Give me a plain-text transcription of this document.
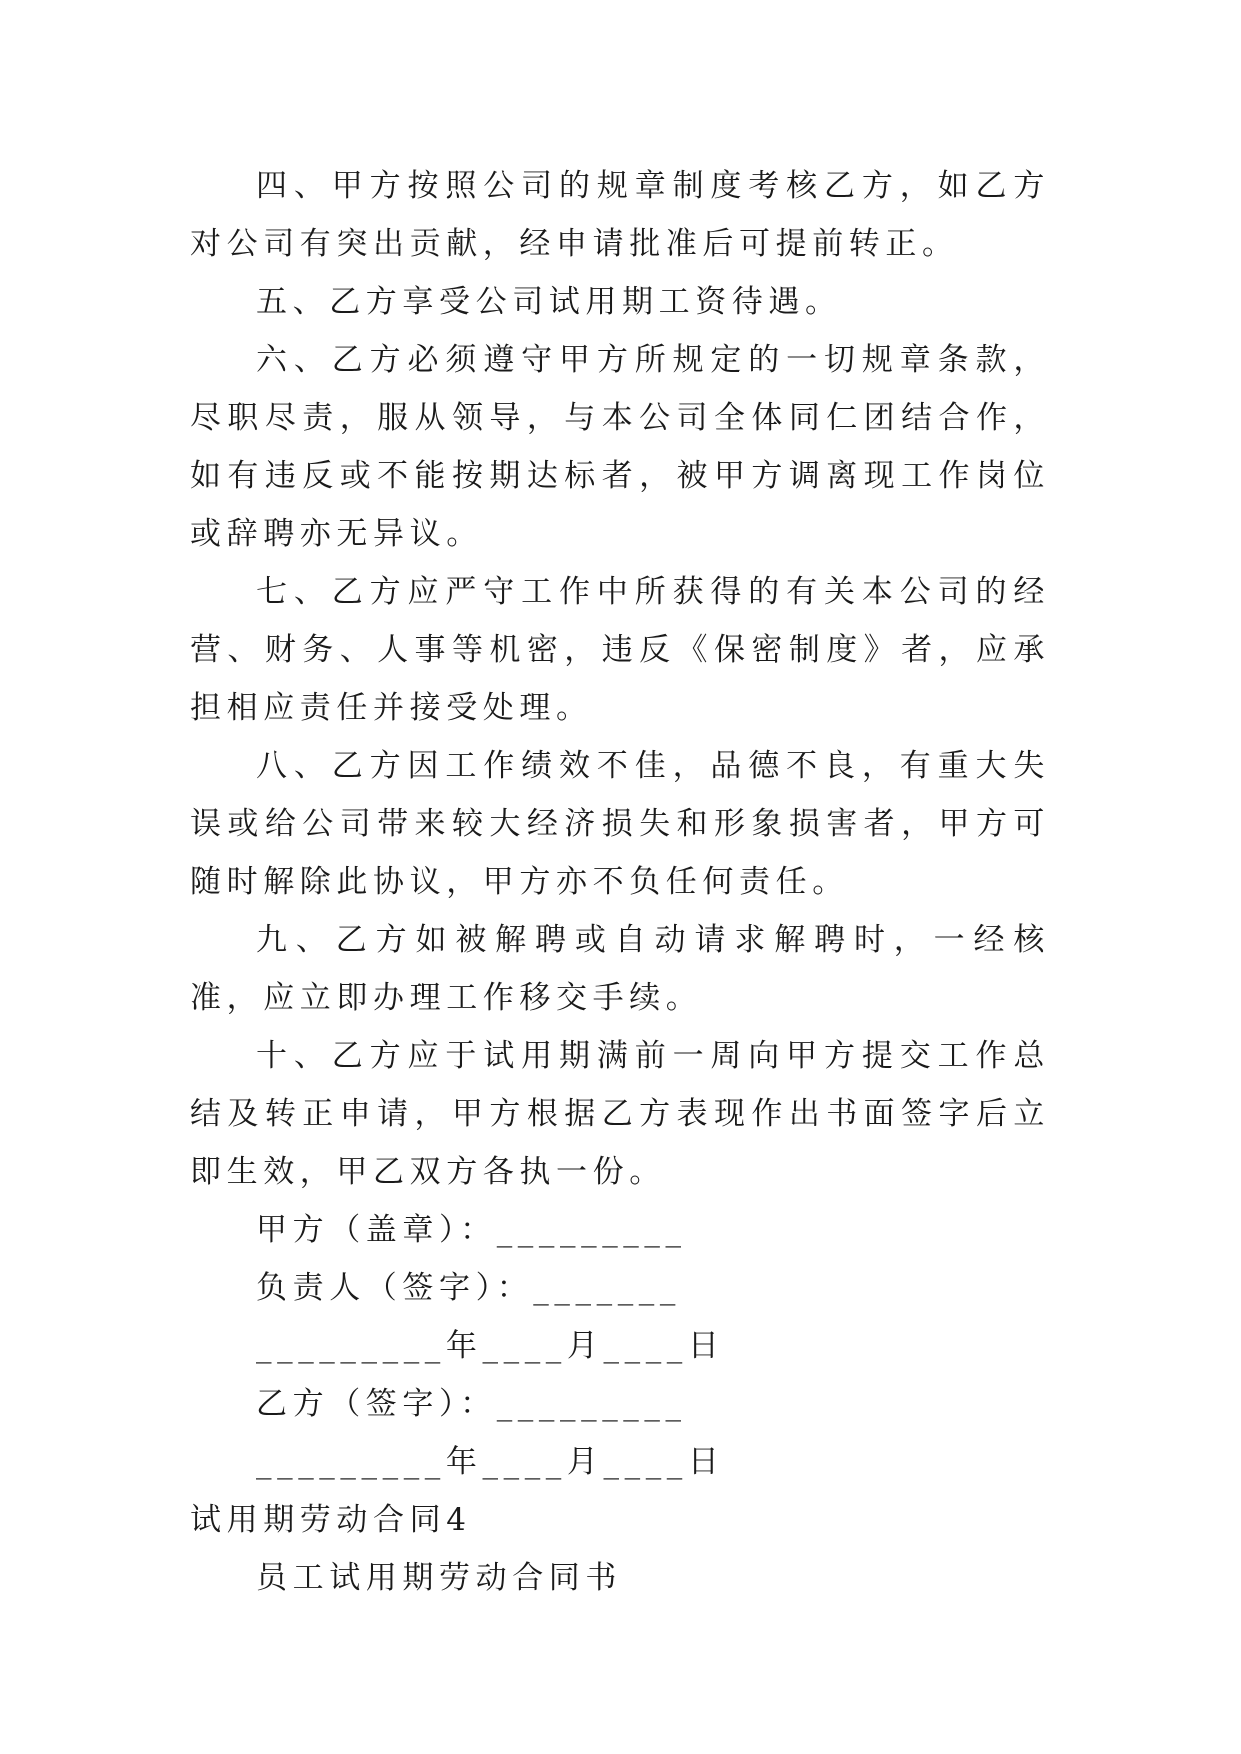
四、甲方按照公司的规章制度考核乙方，如乙方对公司有突出贡献，经申请批准后可提前转正。

五、乙方享受公司试用期工资待遇。

六、乙方必须遵守甲方所规定的一切规章条款，尽职尽责，服从领导，与本公司全体同仁团结合作，如有违反或不能按期达标者，被甲方调离现工作岗位或辞聘亦无异议。

七、乙方应严守工作中所获得的有关本公司的经营、财务、人事等机密，违反《保密制度》者，应承担相应责任并接受处理。

八、乙方因工作绩效不佳，品德不良，有重大失误或给公司带来较大经济损失和形象损害者，甲方可随时解除此协议，甲方亦不负任何责任。

九、乙方如被解聘或自动请求解聘时，一经核准，应立即办理工作移交手续。

十、乙方应于试用期满前一周向甲方提交工作总结及转正申请，甲方根据乙方表现作出书面签字后立即生效，甲乙双方各执一份。

甲方（盖章）：_________

负责人（签字）：_______

_________年____月____日

乙方（签字）：_________

_________年____月____日

试用期劳动合同4

员工试用期劳动合同书
